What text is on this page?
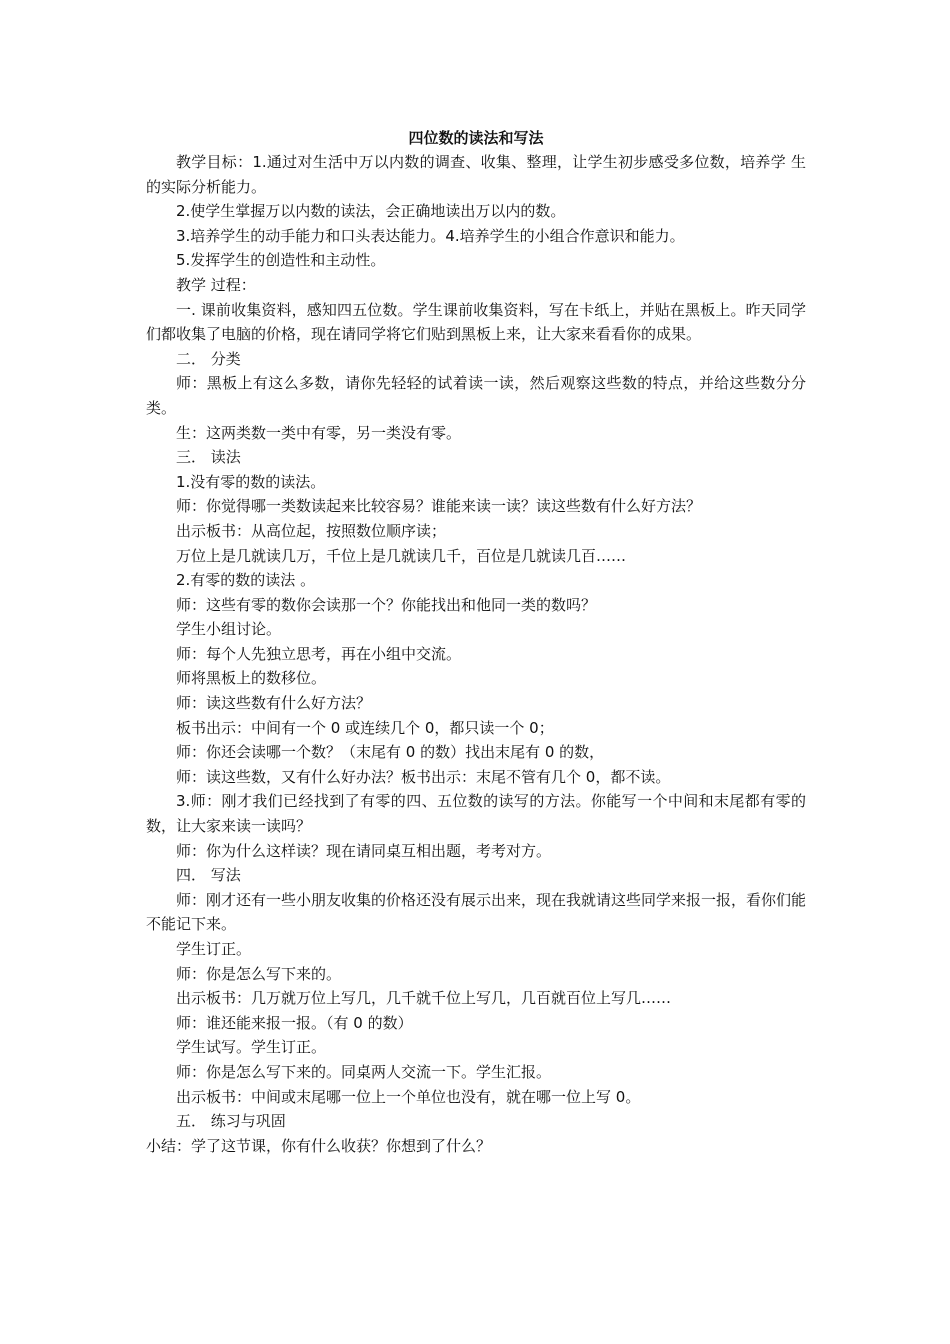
四位数的读法和写法

教学目标：1.通过对生活中万以内数的调查、收集、整理，让学生初步感受多位数，培养学 生的实际分析能力。

2.使学生掌握万以内数的读法，会正确地读出万以内的数。

3.培养学生的动手能力和口头表达能力。4.培养学生的小组合作意识和能力。

5.发挥学生的创造性和主动性。

教学 过程：

一. 课前收集资料，感知四五位数。学生课前收集资料，写在卡纸上，并贴在黑板上。昨天同学们都收集了电脑的价格，现在请同学将它们贴到黑板上来，让大家来看看你的成果。

二． 分类

师：黑板上有这么多数，请你先轻轻的试着读一读，然后观察这些数的特点，并给这些数分分类。

生：这两类数一类中有零，另一类没有零。

三． 读法

1.没有零的数的读法。

师：你觉得哪一类数读起来比较容易？谁能来读一读？读这些数有什么好方法？

出示板书：从高位起，按照数位顺序读；

万位上是几就读几万，千位上是几就读几千，百位是几就读几百……

2.有零的数的读法 。

师：这些有零的数你会读那一个？你能找出和他同一类的数吗？

学生小组讨论。

师：每个人先独立思考，再在小组中交流。

师将黑板上的数移位。

师：读这些数有什么好方法？

板书出示：中间有一个 0 或连续几个 0，都只读一个 0；

师：你还会读哪一个数？（末尾有 0 的数）找出末尾有 0 的数，

师：读这些数，又有什么好办法？板书出示：末尾不管有几个 0，都不读。

3.师：刚才我们已经找到了有零的四、五位数的读写的方法。你能写一个中间和末尾都有零的数，让大家来读一读吗？

师：你为什么这样读？现在请同桌互相出题，考考对方。

四． 写法

师：刚才还有一些小朋友收集的价格还没有展示出来，现在我就请这些同学来报一报，看你们能不能记下来。

学生订正。

师：你是怎么写下来的。

出示板书：几万就万位上写几，几千就千位上写几，几百就百位上写几……

师：谁还能来报一报。（有 0 的数）

学生试写。学生订正。

师：你是怎么写下来的。同桌两人交流一下。学生汇报。

出示板书：中间或末尾哪一位上一个单位也没有，就在哪一位上写 0。

五． 练习与巩固

小结：学了这节课，你有什么收获？你想到了什么？
